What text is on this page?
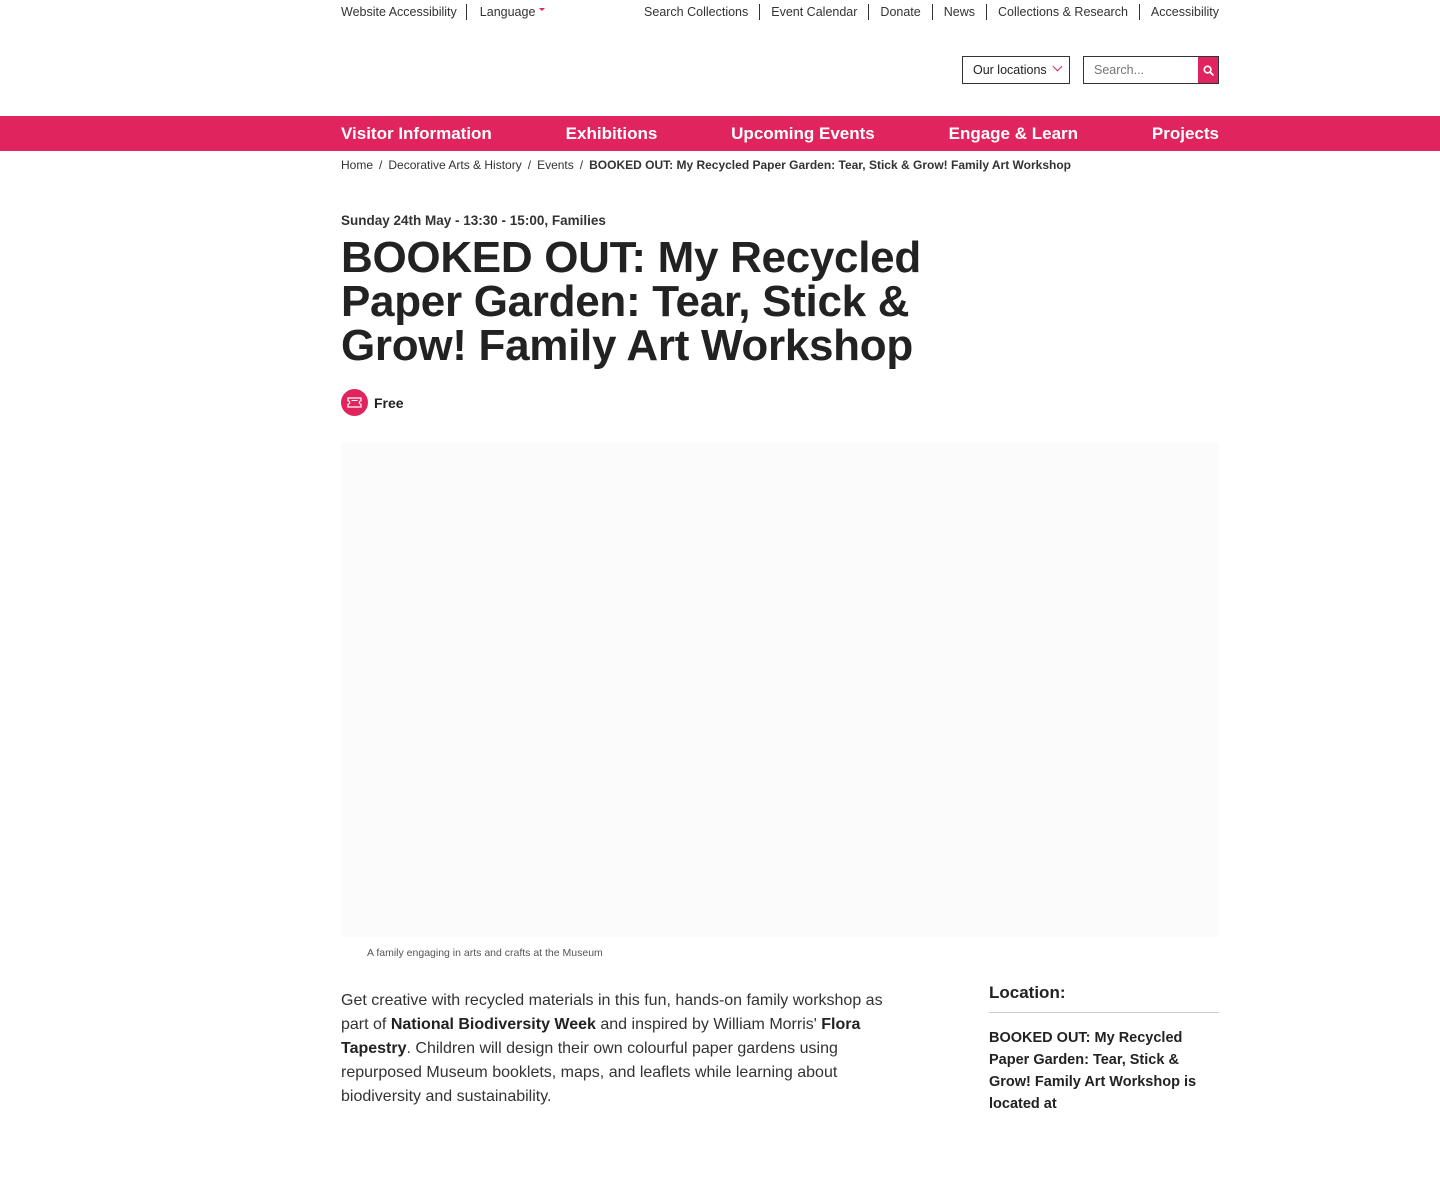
Website Accessibility Language	Search Collections Event Calendar Donate News Collections & Research Accessibility
Our locations
Search...
Visitor Information	Exhibitions	Upcoming Events	Engage & Learn	Projects
Home / Decorative Arts & History / Events / BOOKED OUT: My Recycled Paper Garden: Tear, Stick & Grow! Family Art Workshop
Sunday 24th May - 13:30 - 15:00, Families
BOOKED OUT: My Recycled Paper Garden: Tear, Stick & Grow! Family Art Workshop
Free
A family engaging in arts and crafts at the Museum

Get creative with recycled materials in this fun, hands-on family workshop as part of National Biodiversity Week and inspired by William Morris' Flora Tapestry. Children will design their own colourful paper gardens using repurposed Museum booklets, maps, and leaflets while learning about biodiversity and sustainability.

Location:

BOOKED OUT: My Recycled Paper Garden: Tear, Stick & Grow! Family Art Workshop is located at
